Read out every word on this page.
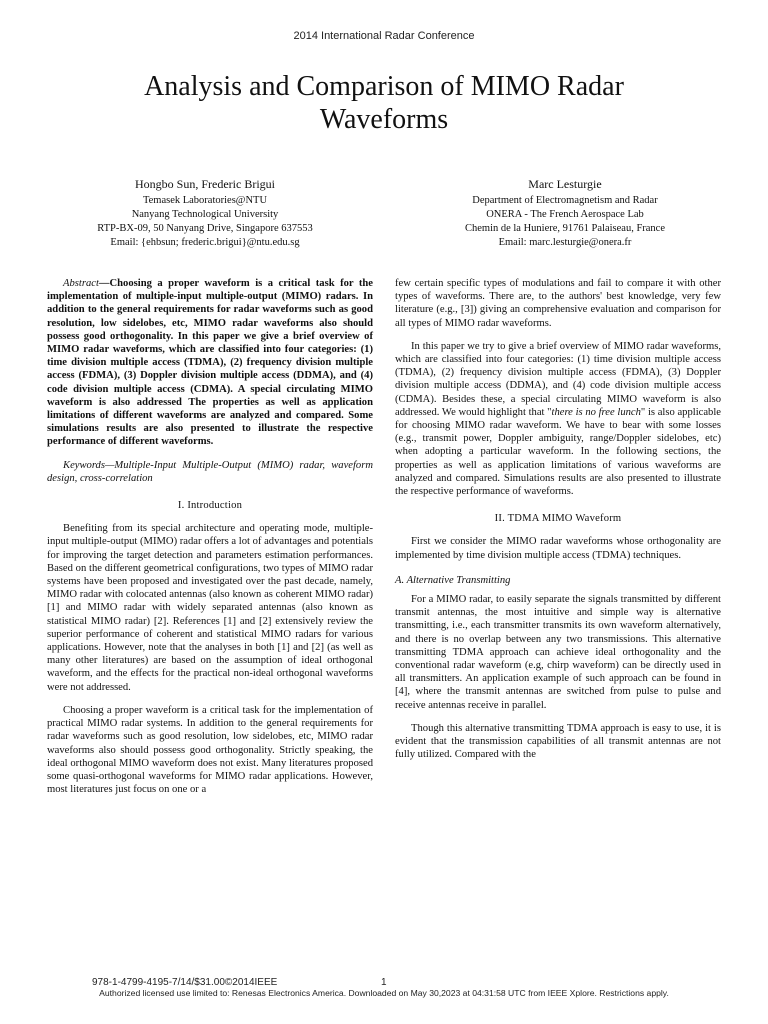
2014 International Radar Conference
Analysis and Comparison of MIMO Radar Waveforms
Hongbo Sun, Frederic Brigui
Temasek Laboratories@NTU
Nanyang Technological University
RTP-BX-09, 50 Nanyang Drive, Singapore 637553
Email: {ehbsun; frederic.brigui}@ntu.edu.sg
Marc Lesturgie
Department of Electromagnetism and Radar
ONERA - The French Aerospace Lab
Chemin de la Huniere, 91761 Palaiseau, France
Email: marc.lesturgie@onera.fr

Abstract—Choosing a proper waveform is a critical task for the implementation of multiple-input multiple-output (MIMO) radars. In addition to the general requirements for radar waveforms such as good resolution, low sidelobes, etc, MIMO radar waveforms also should possess good orthogonality. In this paper we give a brief overview of MIMO radar waveforms, which are classified into four categories: (1) time division multiple access (TDMA), (2) frequency division multiple access (FDMA), (3) Doppler division multiple access (DDMA), and (4) code division multiple access (CDMA). A special circulating MIMO waveform is also addressed The properties as well as application limitations of different waveforms are analyzed and compared. Some simulations results are also presented to illustrate the respective performance of different waveforms.

Keywords—Multiple-Input Multiple-Output (MIMO) radar, waveform design, cross-correlation

I. Introduction

Benefiting from its special architecture and operating mode, multiple-input multiple-output (MIMO) radar offers a lot of advantages and potentials for improving the target detection and parameters estimation performances. Based on the different geometrical configurations, two types of MIMO radar systems have been proposed and investigated over the past decade, namely, MIMO radar with colocated antennas (also known as coherent MIMO radar) [1] and MIMO radar with widely separated antennas (also known as statistical MIMO radar) [2]. References [1] and [2] extensively review the superior performance of coherent and statistical MIMO radars for various applications. However, note that the analyses in both [1] and [2] (as well as many other literatures) are based on the assumption of ideal orthogonal waveform, and the effects for the practical non-ideal orthogonal waveforms were not addressed.

Choosing a proper waveform is a critical task for the implementation of practical MIMO radar systems. In addition to the general requirements for radar waveforms such as good resolution, low sidelobes, etc, MIMO radar waveforms also should possess good orthogonality. Strictly speaking, the ideal orthogonal MIMO waveform does not exist. Many literatures proposed some quasi-orthogonal waveforms for MIMO radar applications. However, most literatures just focus on one or a

few certain specific types of modulations and fail to compare it with other types of waveforms. There are, to the authors' best knowledge, very few literature (e.g., [3]) giving an comprehensive evaluation and comparison for all types of MIMO radar waveforms.

In this paper we try to give a brief overview of MIMO radar waveforms, which are classified into four categories: (1) time division multiple access (TDMA), (2) frequency division multiple access (FDMA), (3) Doppler division multiple access (DDMA), and (4) code division multiple access (CDMA). Besides these, a special circulating MIMO waveform is also addressed. We would highlight that "there is no free lunch" is also applicable for choosing MIMO radar waveform. We have to bear with some losses (e.g., transmit power, Doppler ambiguity, range/Doppler sidelobes, etc) when adopting a particular waveform. In the following sections, the properties as well as application limitations of various waveforms are analyzed and compared. Simulations results are also presented to illustrate the respective performance of waveforms.

II. TDMA MIMO Waveform

First we consider the MIMO radar waveforms whose orthogonality are implemented by time division multiple access (TDMA) techniques.

A. Alternative Transmitting

For a MIMO radar, to easily separate the signals transmitted by different transmit antennas, the most intuitive and simple way is alternative transmitting, i.e., each transmitter transmits its own waveform alternatively, and there is no overlap between any two transmissions. This alternative transmitting TDMA approach can achieve ideal orthogonality and the conventional radar waveform (e.g, chirp waveform) can be directly used in all transmitters. An application example of such approach can be found in [4], where the transmit antennas are switched from pulse to pulse and receive antennas receive in parallel.

Though this alternative transmitting TDMA approach is easy to use, it is evident that the transmission capabilities of all transmit antennas are not fully utilized. Compared with the

978-1-4799-4195-7/14/$31.00©2014IEEE	1
Authorized licensed use limited to: Renesas Electronics America. Downloaded on May 30,2023 at 04:31:58 UTC from IEEE Xplore. Restrictions apply.
